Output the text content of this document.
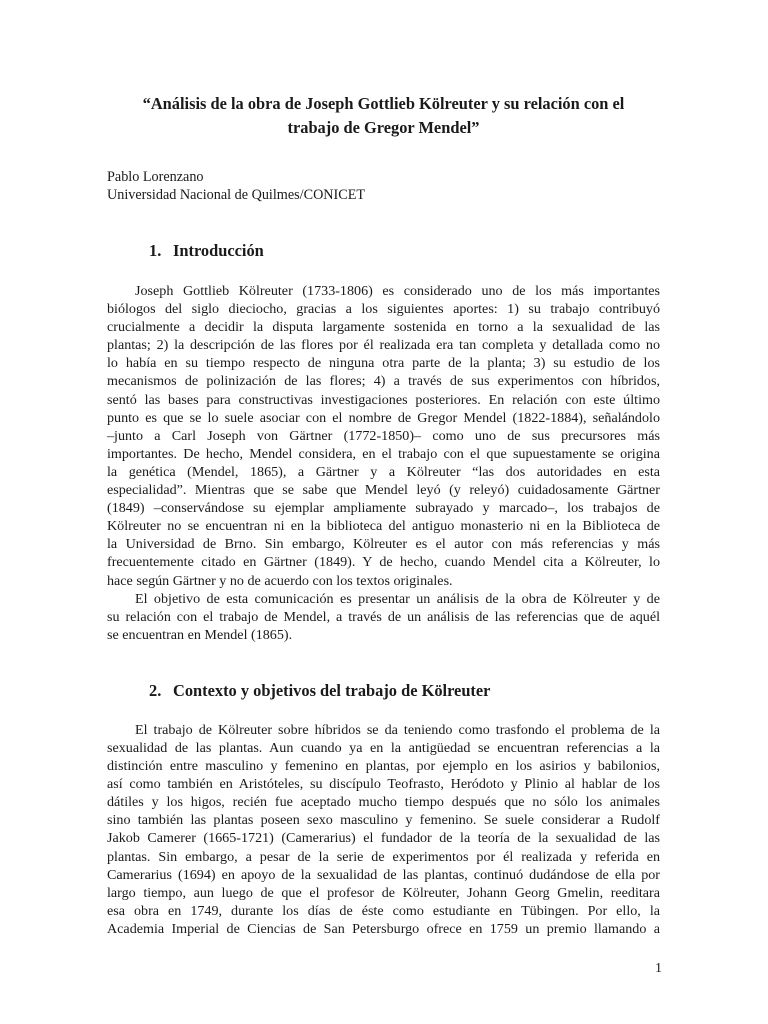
“Análisis de la obra de Joseph Gottlieb Kölreuter y su relación con el
trabajo de Gregor Mendel”

Pablo Lorenzano

Universidad Nacional de Quilmes/CONICET

1. Introducción
Joseph Gottlieb Kölreuter (1733-1806) es considerado uno de los más importantes
biólogos del siglo dieciocho, gracias a los siguientes aportes: 1) su trabajo contribuyó
crucialmente a decidir la disputa largamente sostenida en torno a la sexualidad de las
plantas; 2) la descripción de las flores por él realizada era tan completa y detallada como no
lo había en su tiempo respecto de ninguna otra parte de la planta; 3) su estudio de los
mecanismos de polinización de las flores; 4) a través de sus experimentos con híbridos,
sentó las bases para constructivas investigaciones posteriores. En relación con este último
punto es que se lo suele asociar con el nombre de Gregor Mendel (1822-1884), señalándolo
–junto a Carl Joseph von Gärtner (1772-1850)– como uno de sus precursores más
importantes. De hecho, Mendel considera, en el trabajo con el que supuestamente se origina
la genética (Mendel, 1865), a Gärtner y a Kölreuter “las dos autoridades en esta
especialidad”. Mientras que se sabe que Mendel leyó (y releyó) cuidadosamente Gärtner
(1849) –conservándose su ejemplar ampliamente subrayado y marcado–, los trabajos de
Kölreuter no se encuentran ni en la biblioteca del antiguo monasterio ni en la Biblioteca de
la Universidad de Brno. Sin embargo, Kölreuter es el autor con más referencias y más
frecuentemente citado en Gärtner (1849). Y de hecho, cuando Mendel cita a Kölreuter, lo
hace según Gärtner y no de acuerdo con los textos originales.
El objetivo de esta comunicación es presentar un análisis de la obra de Kölreuter y de
su relación con el trabajo de Mendel, a través de un análisis de las referencias que de aquél
se encuentran en Mendel (1865).
2. Contexto y objetivos del trabajo de Kölreuter
El trabajo de Kölreuter sobre híbridos se da teniendo como trasfondo el problema de la
sexualidad de las plantas. Aun cuando ya en la antigüedad se encuentran referencias a la
distinción entre masculino y femenino en plantas, por ejemplo en los asirios y babilonios,
así como también en Aristóteles, su discípulo Teofrasto, Heródoto y Plinio al hablar de los
dátiles y los higos, recién fue aceptado mucho tiempo después que no sólo los animales
sino también las plantas poseen sexo masculino y femenino. Se suele considerar a Rudolf
Jakob Camerer (1665-1721) (Camerarius) el fundador de la teoría de la sexualidad de las
plantas. Sin embargo, a pesar de la serie de experimentos por él realizada y referida en
Camerarius (1694) en apoyo de la sexualidad de las plantas, continuó dudándose de ella por
largo tiempo, aun luego de que el profesor de Kölreuter, Johann Georg Gmelin, reeditara
esa obra en 1749, durante los días de éste como estudiante en Tübingen. Por ello, la
Academia Imperial de Ciencias de San Petersburgo ofrece en 1759 un premio llamando a
1
